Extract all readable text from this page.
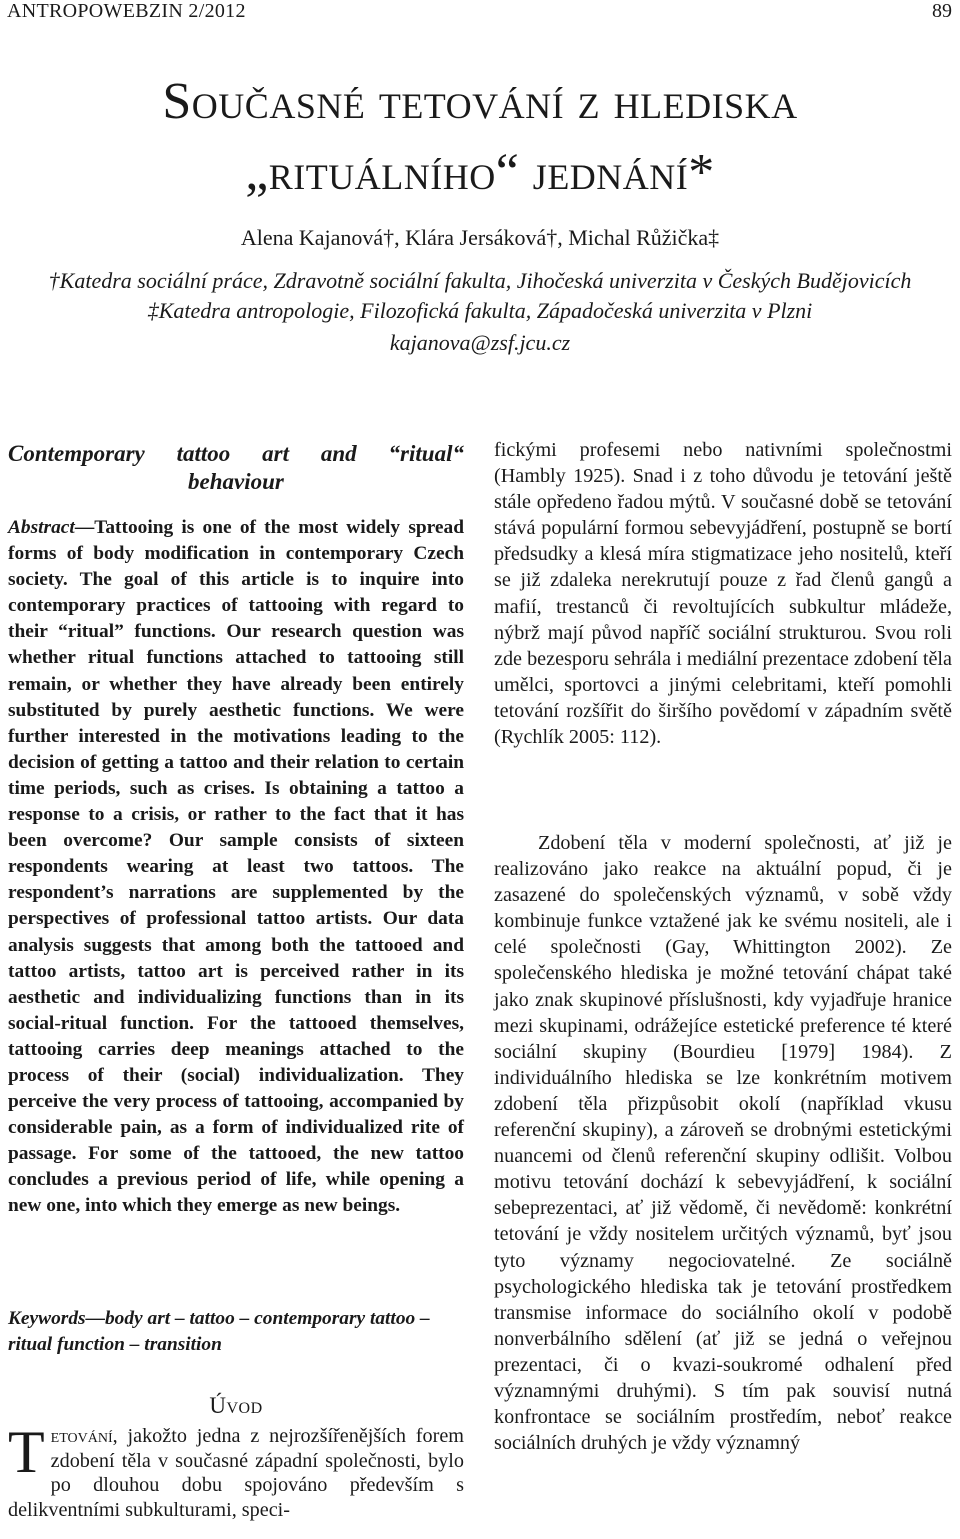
ANTROPOWEBZIN 2/2012	89
Současné tetování z hlediska
„rituálního“ jednání*
Alena Kajanová†, Klára Jersáková†, Michal Růžička‡
†Katedra sociální práce, Zdravotně sociální fakulta, Jihočeská univerzita v Českých Budějovicích
‡Katedra antropologie, Filozofická fakulta, Západočeská univerzita v Plzni
kajanova@zsf.jcu.cz
Contemporary tattoo art and “ritual“
behaviour
Abstract—Tattooing is one of the most widely spread forms of body modification in contemporary Czech society. The goal of this article is to inquire into contemporary practices of tattooing with regard to their “ritual” functions. Our research question was whether ritual functions attached to tattooing still remain, or whether they have already been entirely substituted by purely aesthetic functions. We were further interested in the motivations leading to the decision of getting a tattoo and their relation to certain time periods, such as crises. Is obtaining a tattoo a response to a crisis, or rather to the fact that it has been overcome? Our sample consists of sixteen respondents wearing at least two tattoos. The respondent’s narrations are supplemented by the perspectives of professional tattoo artists. Our data analysis suggests that among both the tattooed and tattoo artists, tattoo art is perceived rather in its aesthetic and individualizing functions than in its social-ritual function. For the tattooed themselves, tattooing carries deep meanings attached to the process of their (social) individualization. They perceive the very process of tattooing, accompanied by considerable pain, as a form of individualized rite of passage. For some of the tattooed, the new tattoo concludes a previous period of life, while opening a new one, into which they emerge as new beings.
Keywords—body art – tattoo – contemporary tattoo – ritual function – transition
Úvod
Tetování, jakožto jedna z nejrozšířenějších forem zdobení těla v současné západní společnosti, bylo po dlouhou dobu spojováno především s delikventními subkulturami, speci-
fickými profesemi nebo nativními společnostmi (Hambly 1925). Snad i z toho důvodu je tetování ještě stále opředeno řadou mýtů. V současné době se tetování stává populární formou sebevyjádření, postupně se bortí předsudky a klesá míra stigmatizace jeho nositelů, kteří se již zdaleka nerekrutují pouze z řad členů gangů a mafií, trestanců či revoltujících subkultur mládeže, nýbrž mají původ napříč sociální strukturou. Svou roli zde bezesporu sehrála i mediální prezentace zdobení těla umělci, sportovci a jinými celebritami, kteří pomohli tetování rozšířit do širšího povědomí v západním světě (Rychlík 2005: 112).
Zdobení těla v moderní společnosti, ať již je realizováno jako reakce na aktuální popud, či je zasazené do společenských významů, v sobě vždy kombinuje funkce vztažené jak ke svému nositeli, ale i celé společnosti (Gay, Whittington 2002). Ze společenského hlediska je možné tetování chápat také jako znak skupinové příslušnosti, kdy vyjadřuje hranice mezi skupinami, odrážejíce estetické preference té které sociální skupiny (Bourdieu [1979] 1984). Z individuálního hlediska se lze konkrétním motivem zdobení těla přizpůsobit okolí (například vkusu referenční skupiny), a zároveň se drobnými estetickými nuancemi od členů referenční skupiny odlišit. Volbou motivu tetování dochází k sebevyjádření, k sociální sebeprezentaci, ať již vědomě, či nevědomě: konkrétní tetování je vždy nositelem určitých významů, byť jsou tyto významy negociovatelné. Ze sociálně psychologického hlediska tak je tetování prostředkem transmise informace do sociálního okolí v podobě nonverbálního sdělení (ať již se jedná o veřejnou prezentaci, či o kvazi-soukromé odhalení před významnými druhými). S tím pak souvisí nutná konfrontace se sociálním prostředím, neboť reakce sociálních druhých je vždy významný
